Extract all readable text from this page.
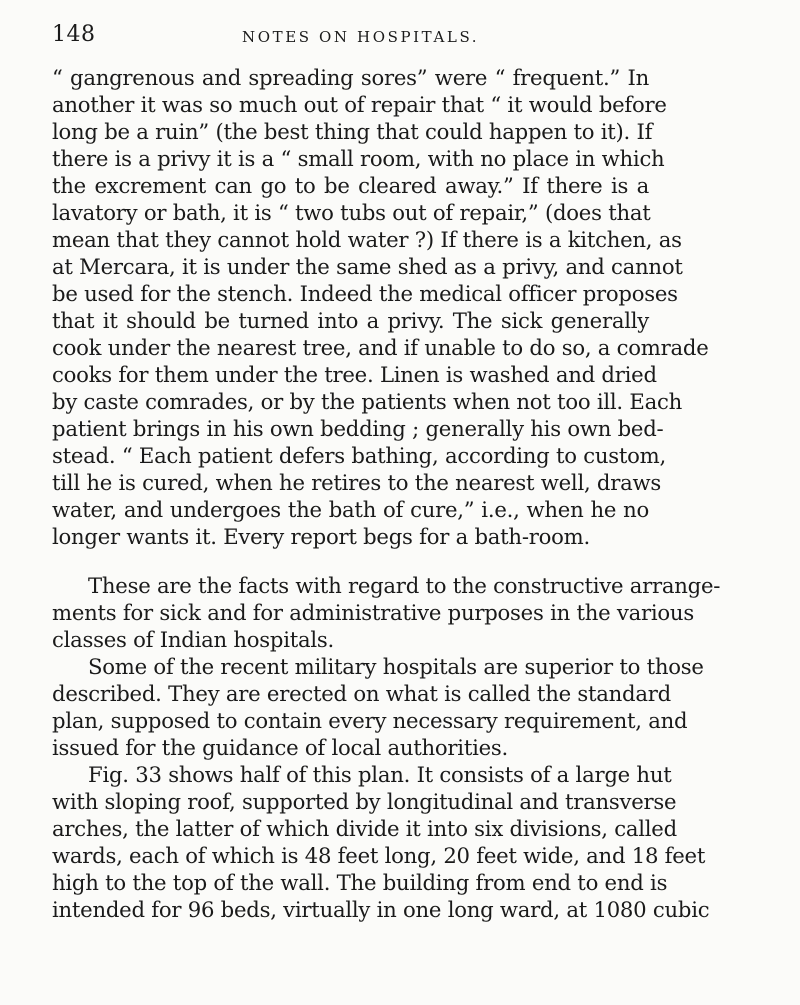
148	NOTES ON HOSPITALS.
“ gangrenous and spreading sores” were “ frequent.” In
another it was so much out of repair that “ it would before
long be a ruin” (the best thing that could happen to it). If
there is a privy it is a “ small room, with no place in which
the excrement can go to be cleared away.” If there is a
lavatory or bath, it is “ two tubs out of repair,” (does that
mean that they cannot hold water ?) If there is a kitchen, as
at Mercara, it is under the same shed as a privy, and cannot
be used for the stench. Indeed the medical officer proposes
that it should be turned into a privy. The sick generally
cook under the nearest tree, and if unable to do so, a comrade
cooks for them under the tree. Linen is washed and dried
by caste comrades, or by the patients when not too ill. Each
patient brings in his own bedding ; generally his own bed-
stead. “ Each patient defers bathing, according to custom,
till he is cured, when he retires to the nearest well, draws
water, and undergoes the bath of cure,” i.e., when he no
longer wants it. Every report begs for a bath-room.
These are the facts with regard to the constructive arrange-
ments for sick and for administrative purposes in the various
classes of Indian hospitals.
Some of the recent military hospitals are superior to those
described. They are erected on what is called the standard
plan, supposed to contain every necessary requirement, and
issued for the guidance of local authorities.
Fig. 33 shows half of this plan. It consists of a large hut
with sloping roof, supported by longitudinal and transverse
arches, the latter of which divide it into six divisions, called
wards, each of which is 48 feet long, 20 feet wide, and 18 feet
high to the top of the wall. The building from end to end is
intended for 96 beds, virtually in one long ward, at 1080 cubic
